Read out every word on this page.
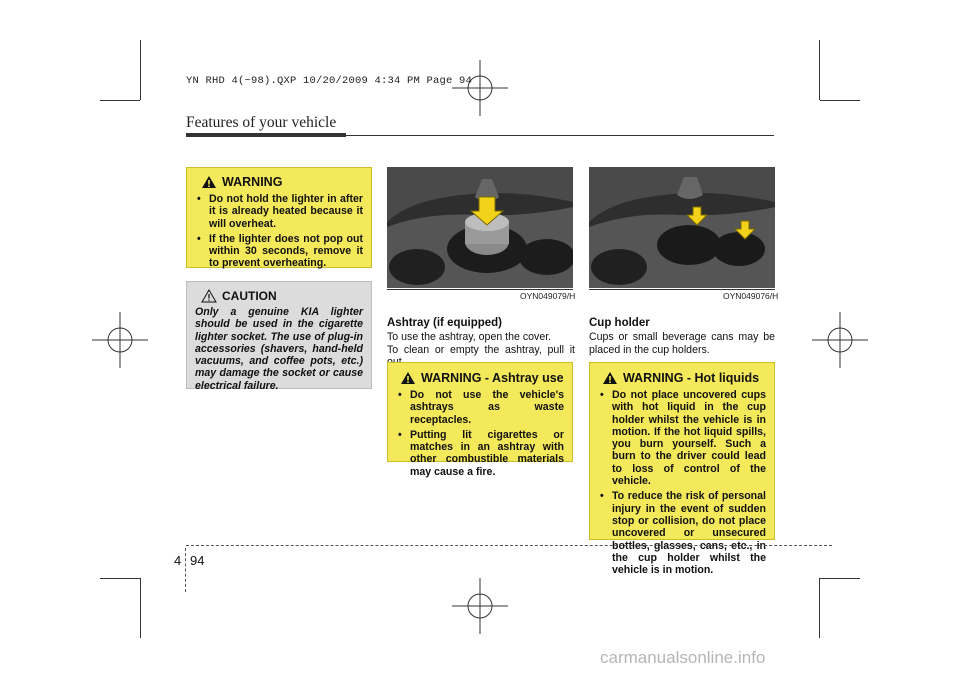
YN RHD 4(~98).QXP 10/20/2009 4:34 PM Page 94
Features of your vehicle
WARNING
• Do not hold the lighter in after it is already heated because it will overheat.
• If the lighter does not pop out within 30 seconds, remove it to prevent overheating.
CAUTION
Only a genuine KIA lighter should be used in the cigarette lighter socket. The use of plug-in accessories (shavers, hand-held vacuums, and coffee pots, etc.) may damage the socket or cause electrical failure.
OYN049079/H
Ashtray (if equipped)
To use the ashtray, open the cover.
To clean or empty the ashtray, pull it
WARNING - Ashtray use
• Do not use the vehicle's ashtrays as waste receptacles.
• Putting lit cigarettes or matches in an ashtray with other combustible materials may cause a fire.
OYN049076/H
Cup holder
Cups or small beverage cans may be placed in the cup holders.
WARNING - Hot liquids
• Do not place uncovered cups with hot liquid in the cup holder whilst the vehicle is in motion. If the hot liquid spills, you burn yourself. Such a burn to the driver could lead to loss of control of the vehicle.
• To reduce the risk of personal injury in the event of sudden stop or collision, do not place uncovered or unsecured bottles, glasses, cans, etc., in the cup holder whilst the vehicle is in motion.
4 94
carmanualsonline.info
